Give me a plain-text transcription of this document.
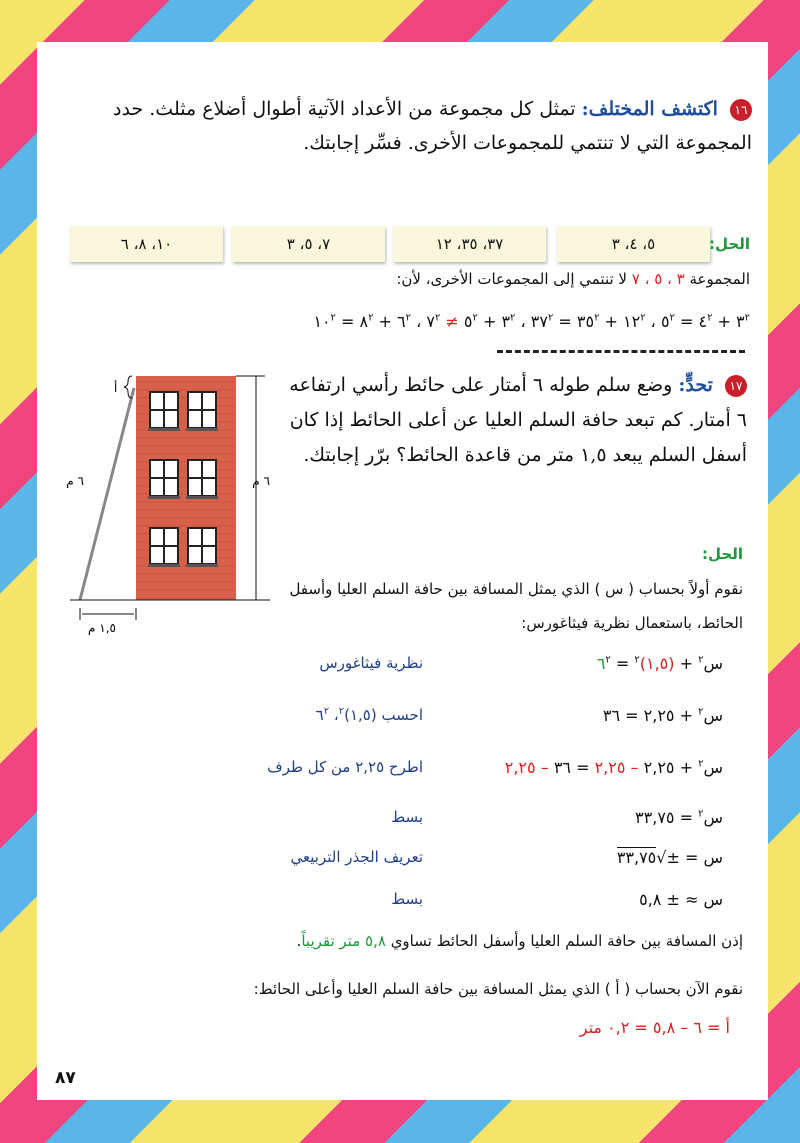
١٦ اكتشف المختلف: تمثل كل مجموعة من الأعداد الآتية أطوال أضلاع مثلث. حدد المجموعة التي لا تنتمي للمجموعات الأخرى. فسِّر إجابتك.
٥، ٤، ٣
٣٧، ٣٥، ١٢
٧، ٥، ٣
١٠، ٨، ٦	الحل:
المجموعة ٣ ، ٥ ، ٧ لا تنتمي إلى المجموعات الأخرى، لأن:
$٣^٢$ + $٤^٢$ = $٥^٢$ ، $١٢^٢$ + $٣٥^٢$ = $٣٧^٢$ ، $٣^٢$ + $٥^٢$ ≠ $٧^٢$ ، $٦^٢$ + $٨^٢$ = $١٠^٢$
١٧ تحدٍّ: وضع سلم طوله ٦ أمتار على حائط رأسي ارتفاعه ٦ أمتار. كم تبعد حافة السلم العليا عن أعلى الحائط إذا كان أسفل السلم يبعد ١,٥ متر من قاعدة الحائط؟ برّر إجابتك.
أ
٦ م	٦ م
١,٥ م
الحل:
نقوم أولاً بحساب ( س ) الذي يمثل المسافة بين حافة السلم العليا وأسفل الحائط، باستعمال نظرية فيثاغورس:
س$^٢$ + (١,٥)$^٢$ = $٦^٢$
نظرية فيثاغورس
س$^٢$ + ٢,٢٥ = ٣٦
احسب (١,٥)$^٢$، $٦^٢$
س$^٢$ + ٢,٢٥ – ٢,٢٥ = ٣٦ – ٢,٢٥
اطرح ٢,٢٥ من كل طرف
س$^٢$ = ٣٣,٧٥
بسط
س = ±√٣٣,٧٥
تعريف الجذر التربيعي
س ≈ ± ٥,٨
بسط
إذن المسافة بين حافة السلم العليا وأسفل الحائط تساوي ٥,٨ متر تقريباً.
نقوم الآن بحساب ( أ ) الذي يمثل المسافة بين حافة السلم العليا وأعلى الحائط:
أ = ٦ – ٥,٨ = ٠,٢ متر
٨٧
